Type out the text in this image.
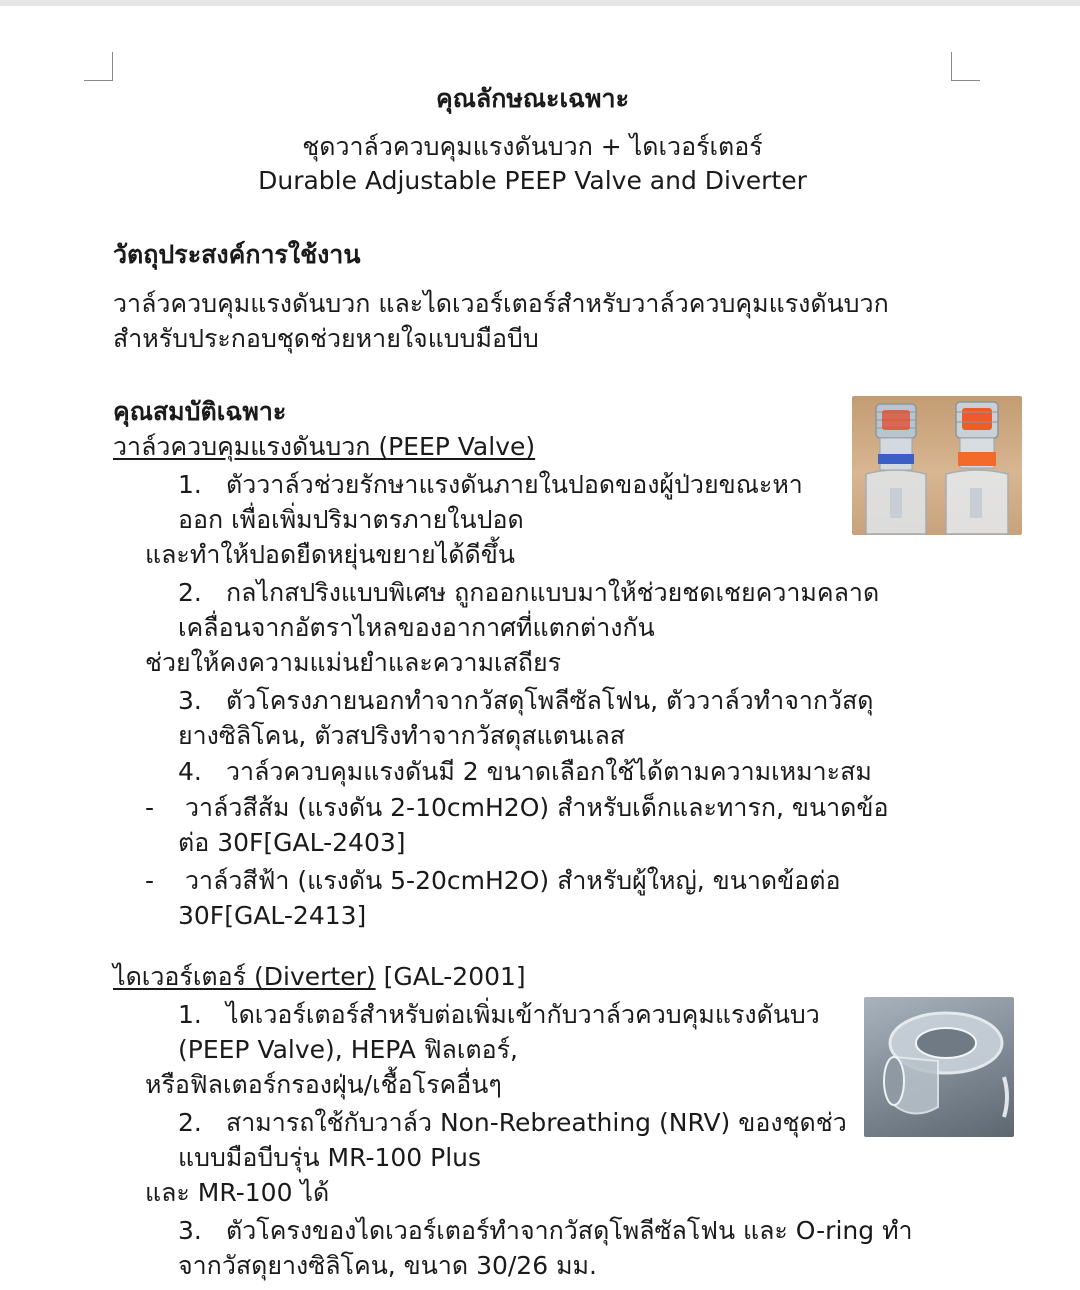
คุณลักษณะเฉพาะ
ชุดวาล์วควบคุมแรงดันบวก + ไดเวอร์เตอร์
Durable Adjustable PEEP Valve and Diverter
วัตถุประสงค์การใช้งาน
วาล์วควบคุมแรงดันบวก และไดเวอร์เตอร์สำหรับวาล์วควบคุมแรงดันบวก
สำหรับประกอบชุดช่วยหายใจแบบมือบีบ
คุณสมบัติเฉพาะ
วาล์วควบคุมแรงดันบวก (PEEP Valve)
1. ตัววาล์วช่วยรักษาแรงดันภายในปอดของผู้ป่วยขณะหา
ออก เพื่อเพิ่มปริมาตรภายในปอด
และทำให้ปอดยืดหยุ่นขยายได้ดีขึ้น
2. กลไกสปริงแบบพิเศษ ถูกออกแบบมาให้ช่วยชดเชยความคลาด
เคลื่อนจากอัตราไหลของอากาศที่แตกต่างกัน
ช่วยให้คงความแม่นยำและความเสถียร
3. ตัวโครงภายนอกทำจากวัสดุโพลีซัลโฟน, ตัววาล์วทำจากวัสดุ
ยางซิลิโคน, ตัวสปริงทำจากวัสดุสแตนเลส
4. วาล์วควบคุมแรงดันมี 2 ขนาดเลือกใช้ได้ตามความเหมาะสม
- วาล์วสีส้ม (แรงดัน 2-10cmH2O) สำหรับเด็กและทารก, ขนาดข้อ
ต่อ 30F[GAL-2403]
- วาล์วสีฟ้า (แรงดัน 5-20cmH2O) สำหรับผู้ใหญ่, ขนาดข้อต่อ
30F[GAL-2413]
ไดเวอร์เตอร์ (Diverter) [GAL-2001]
1. ไดเวอร์เตอร์สำหรับต่อเพิ่มเข้ากับวาล์วควบคุมแรงดันบว
(PEEP Valve), HEPA ฟิลเตอร์,
หรือฟิลเตอร์กรองฝุ่น/เชื้อโรคอื่นๆ
2. สามารถใช้กับวาล์ว Non-Rebreathing (NRV) ของชุดช่ว
แบบมือบีบรุ่น MR-100 Plus
และ MR-100 ได้
3. ตัวโครงของไดเวอร์เตอร์ทำจากวัสดุโพลีซัลโฟน และ O-ring ทำ
จากวัสดุยางซิลิโคน, ขนาด 30/26 มม.
